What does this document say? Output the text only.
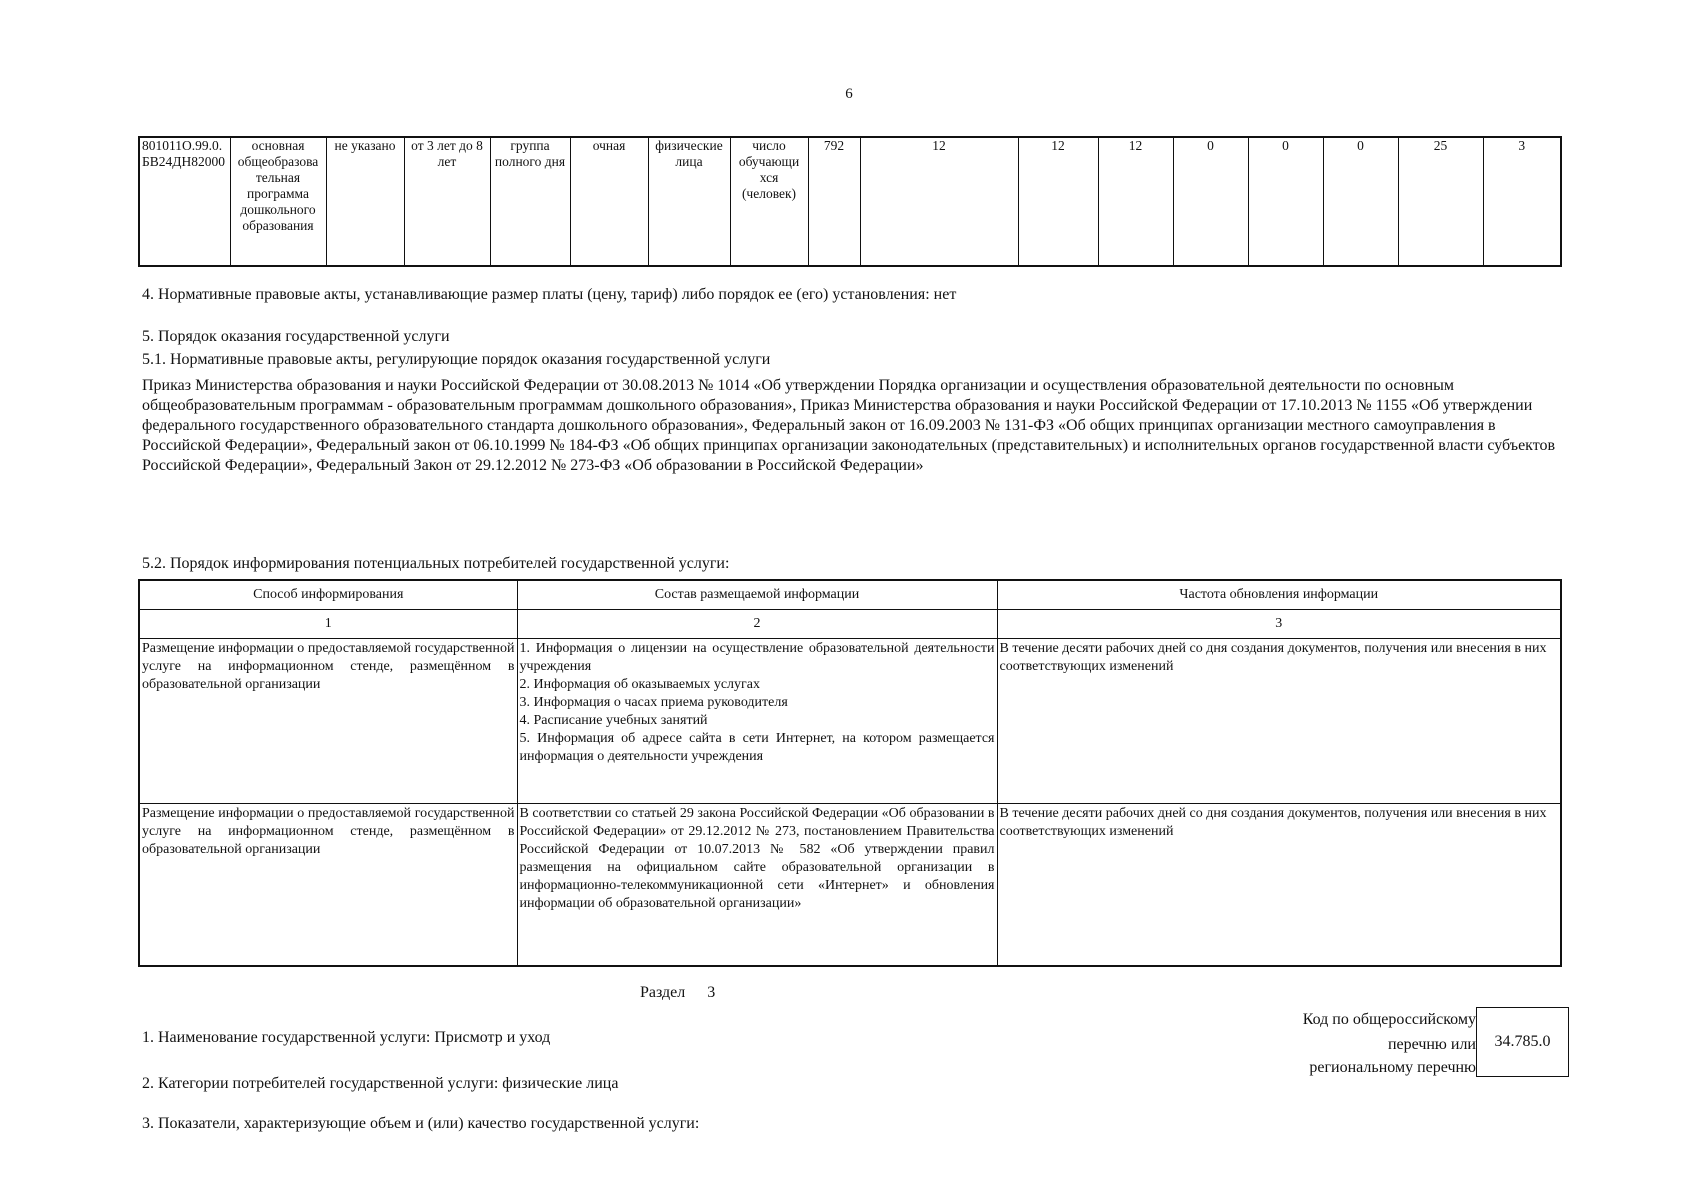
6
801011О.99.0.БВ24ДН82000	основная общеобразова тельная программа дошкольного образования	не указано	от 3 лет до 8 лет	группа полного дня	очная	физические лица	число обучающи хся (человек)	792	12	12	12	0	0	0	25	3
4. Нормативные правовые акты, устанавливающие размер платы (цену, тариф) либо порядок ее (его) установления: нет
5. Порядок оказания государственной услуги
5.1. Нормативные правовые акты, регулирующие порядок оказания государственной услуги
Приказ Министерства образования и науки Российской Федерации от 30.08.2013 № 1014 «Об утверждении Порядка организации и осуществления образовательной деятельности по основным общеобразовательным программам - образовательным программам дошкольного образования», Приказ Министерства образования и науки Российской Федерации от 17.10.2013 № 1155 «Об утверждении федерального государственного образовательного стандарта дошкольного образования», Федеральный закон от 16.09.2003 № 131-ФЗ «Об общих принципах организации местного самоуправления в Российской Федерации», Федеральный закон от 06.10.1999 № 184-ФЗ «Об общих принципах организации законодательных (представительных) и исполнительных органов государственной власти субъектов Российской Федерации», Федеральный Закон от 29.12.2012 № 273-ФЗ «Об образовании в Российской Федерации»
5.2. Порядок информирования потенциальных потребителей государственной услуги:
Способ информирования	Состав размещаемой информации	Частота обновления информации
1	2	3
Размещение информации о предоставляемой государственной услуге на информационном стенде, размещённом в образовательной организации	1. Информация о лицензии на осуществление образовательной деятельности учреждения
2. Информация об оказываемых услугах
3. Информация о часах приема руководителя
4. Расписание учебных занятий
5. Информация об адресе сайта в сети Интернет, на котором размещается информация о деятельности учреждения	В течение десяти рабочих дней со дня создания документов, получения или внесения в них соответствующих изменений
Размещение информации о предоставляемой государственной услуге на информационном стенде, размещённом в образовательной организации	В соответствии со статьей 29 закона Российской Федерации «Об образовании в Российской Федерации» от 29.12.2012 № 273, постановлением Правительства Российской Федерации от 10.07.2013 № 582 «Об утверждении правил размещения на официальном сайте образовательной организации в информационно-телекоммуникационной сети «Интернет» и обновления информации об образовательной организации»	В течение десяти рабочих дней со дня создания документов, получения или внесения в них соответствующих изменений
Раздел 3
Код по общероссийскому
перечню или
региональному перечню
34.785.0
1. Наименование государственной услуги: Присмотр и уход
2. Категории потребителей государственной услуги: физические лица
3. Показатели, характеризующие объем и (или) качество государственной услуги:
